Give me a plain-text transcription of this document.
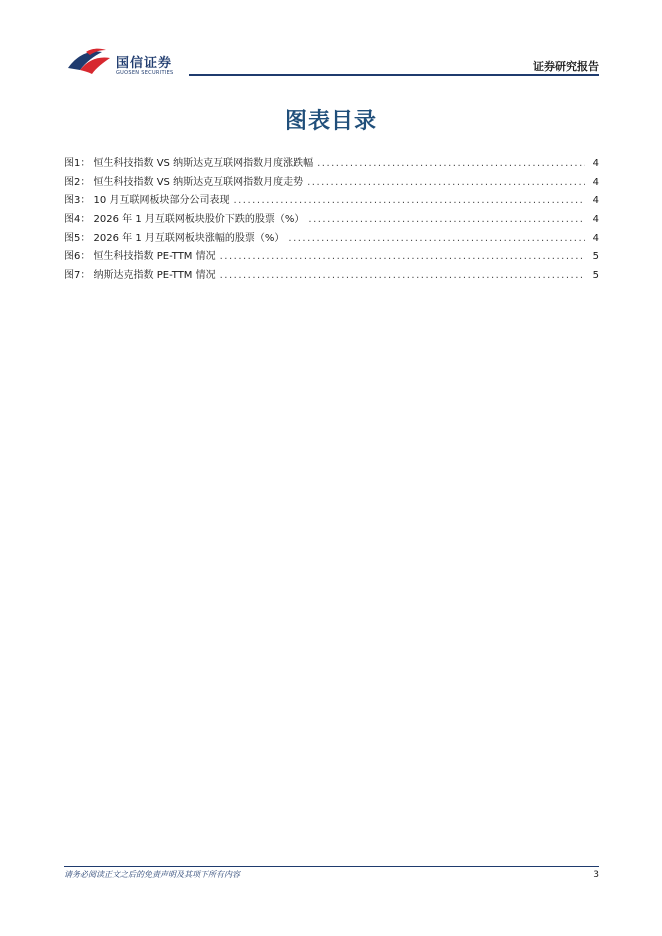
国信证券
GUOSEN SECURITIES	证券研究报告
图表目录
图1： 恒生科技指数 VS 纳斯达克互联网指数月度涨跌幅 .....	4
图2： 恒生科技指数 VS 纳斯达克互联网指数月度走势 .....	4
图3： 10 月互联网板块部分公司表现 .....	4
图4： 2026 年 1 月互联网板块股价下跌的股票（%） .....	4
图5： 2026 年 1 月互联网板块涨幅的股票（%） .....	4
图6： 恒生科技指数 PE-TTM 情况 .....	5
图7： 纳斯达克指数 PE-TTM 情况 .....	5
请务必阅读正文之后的免责声明及其项下所有内容	3
